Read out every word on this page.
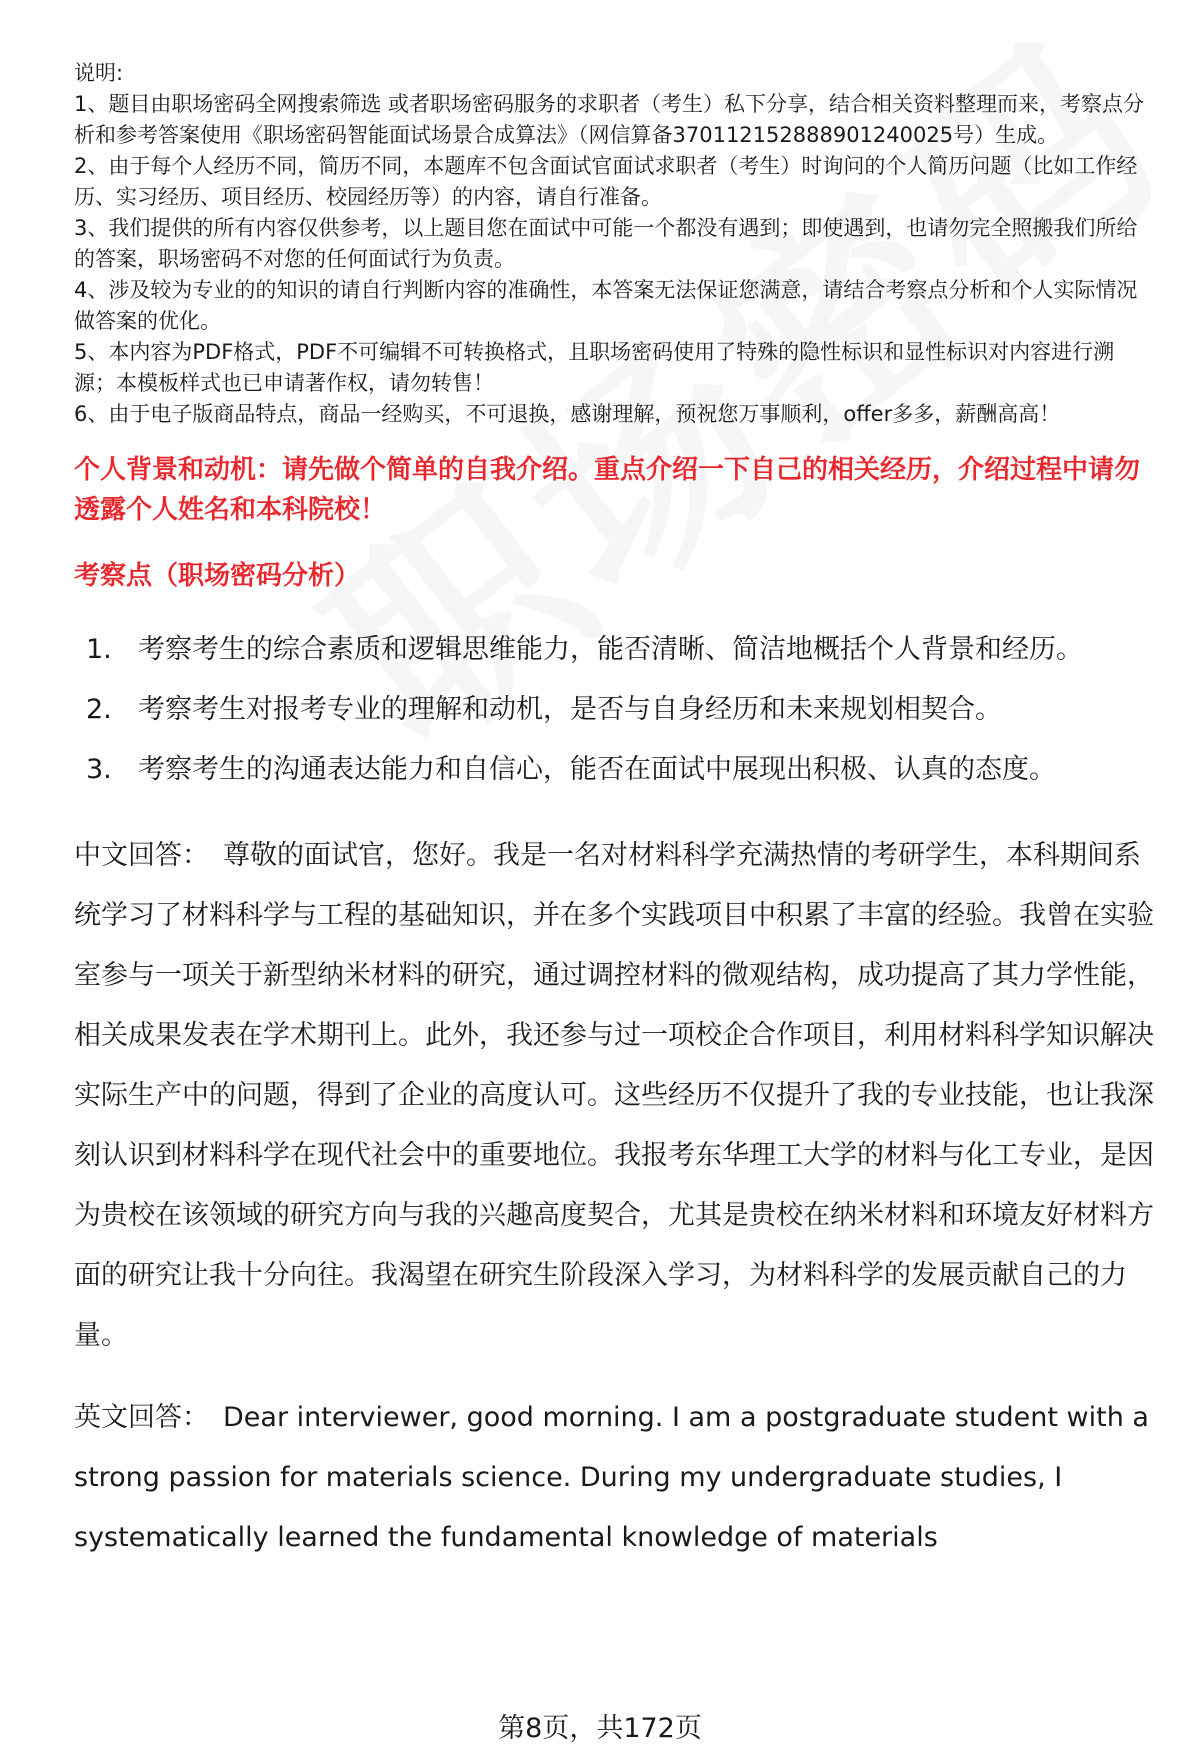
说明:

1、题目由职场密码全网搜索筛选 或者职场密码服务的求职者（考生）私下分享，结合相关资料整理而来，考察点分析和参考答案使用《职场密码智能面试场景合成算法》（网信算备370112152888901240025号）生成。

2、由于每个人经历不同，简历不同，本题库不包含面试官面试求职者（考生）时询问的个人简历问题（比如工作经历、实习经历、项目经历、校园经历等）的内容，请自行准备。

3、我们提供的所有内容仅供参考，以上题目您在面试中可能一个都没有遇到；即使遇到，也请勿完全照搬我们所给的答案，职场密码不对您的任何面试行为负责。

4、涉及较为专业的的知识的请自行判断内容的准确性，本答案无法保证您满意，请结合考察点分析和个人实际情况做答案的优化。

5、本内容为PDF格式，PDF不可编辑不可转换格式，且职场密码使用了特殊的隐性标识和显性标识对内容进行溯源；本模板样式也已申请著作权，请勿转售！

6、由于电子版商品特点，商品一经购买，不可退换，感谢理解，预祝您万事顺利，offer多多，薪酬高高！

个人背景和动机：请先做个简单的自我介绍。重点介绍一下自己的相关经历，介绍过程中请勿透露个人姓名和本科院校！

考察点（职场密码分析）

1. 考察考生的综合素质和逻辑思维能力，能否清晰、简洁地概括个人背景和经历。
2. 考察考生对报考专业的理解和动机，是否与自身经历和未来规划相契合。
3. 考察考生的沟通表达能力和自信心，能否在面试中展现出积极、认真的态度。

中文回答： 尊敬的面试官，您好。我是一名对材料科学充满热情的考研学生，本科期间系统学习了材料科学与工程的基础知识，并在多个实践项目中积累了丰富的经验。我曾在实验室参与一项关于新型纳米材料的研究，通过调控材料的微观结构，成功提高了其力学性能，相关成果发表在学术期刊上。此外，我还参与过一项校企合作项目，利用材料科学知识解决实际生产中的问题，得到了企业的高度认可。这些经历不仅提升了我的专业技能，也让我深刻认识到材料科学在现代社会中的重要地位。我报考东华理工大学的材料与化工专业，是因为贵校在该领域的研究方向与我的兴趣高度契合，尤其是贵校在纳米材料和环境友好材料方面的研究让我十分向往。我渴望在研究生阶段深入学习，为材料科学的发展贡献自己的力量。

英文回答： Dear interviewer, good morning. I am a postgraduate student with a strong passion for materials science. During my undergraduate studies, I systematically learned the fundamental knowledge of materials

第8页，共172页
